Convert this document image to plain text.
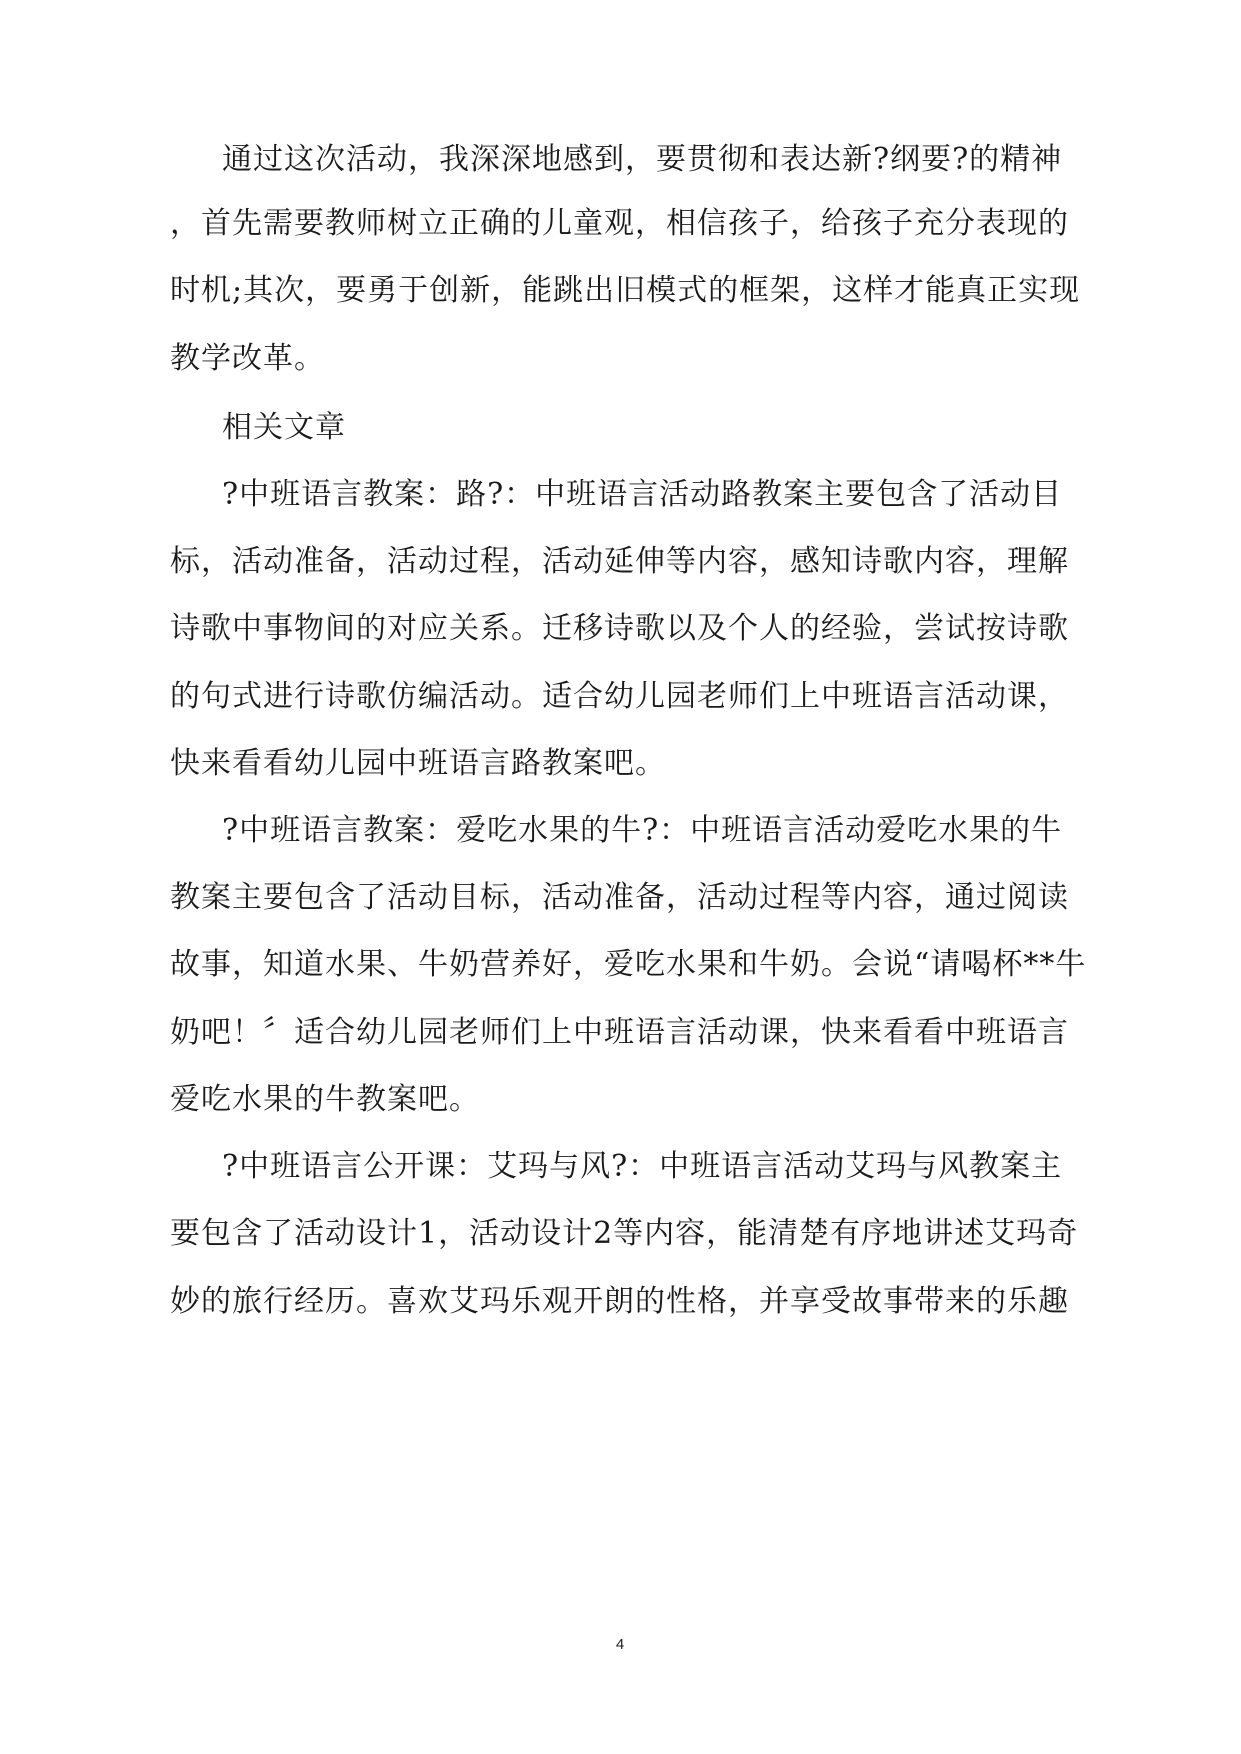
通过这次活动，我深深地感到，要贯彻和表达新?纲要?的精神

，首先需要教师树立正确的儿童观，相信孩子，给孩子充分表现的

时机;其次，要勇于创新，能跳出旧模式的框架，这样才能真正实现

教学改革。

相关文章

?中班语言教案：路?：中班语言活动路教案主要包含了活动目

标，活动准备，活动过程，活动延伸等内容，感知诗歌内容，理解

诗歌中事物间的对应关系。迁移诗歌以及个人的经验，尝试按诗歌

的句式进行诗歌仿编活动。适合幼儿园老师们上中班语言活动课，

快来看看幼儿园中班语言路教案吧。

?中班语言教案：爱吃水果的牛?：中班语言活动爱吃水果的牛

教案主要包含了活动目标，活动准备，活动过程等内容，通过阅读

故事，知道水果、牛奶营养好，爱吃水果和牛奶。会说“请喝杯**牛

奶吧！〞适合幼儿园老师们上中班语言活动课，快来看看中班语言

爱吃水果的牛教案吧。

?中班语言公开课：艾玛与风?：中班语言活动艾玛与风教案主

要包含了活动设计1，活动设计2等内容，能清楚有序地讲述艾玛奇

妙的旅行经历。喜欢艾玛乐观开朗的性格，并享受故事带来的乐趣

4
